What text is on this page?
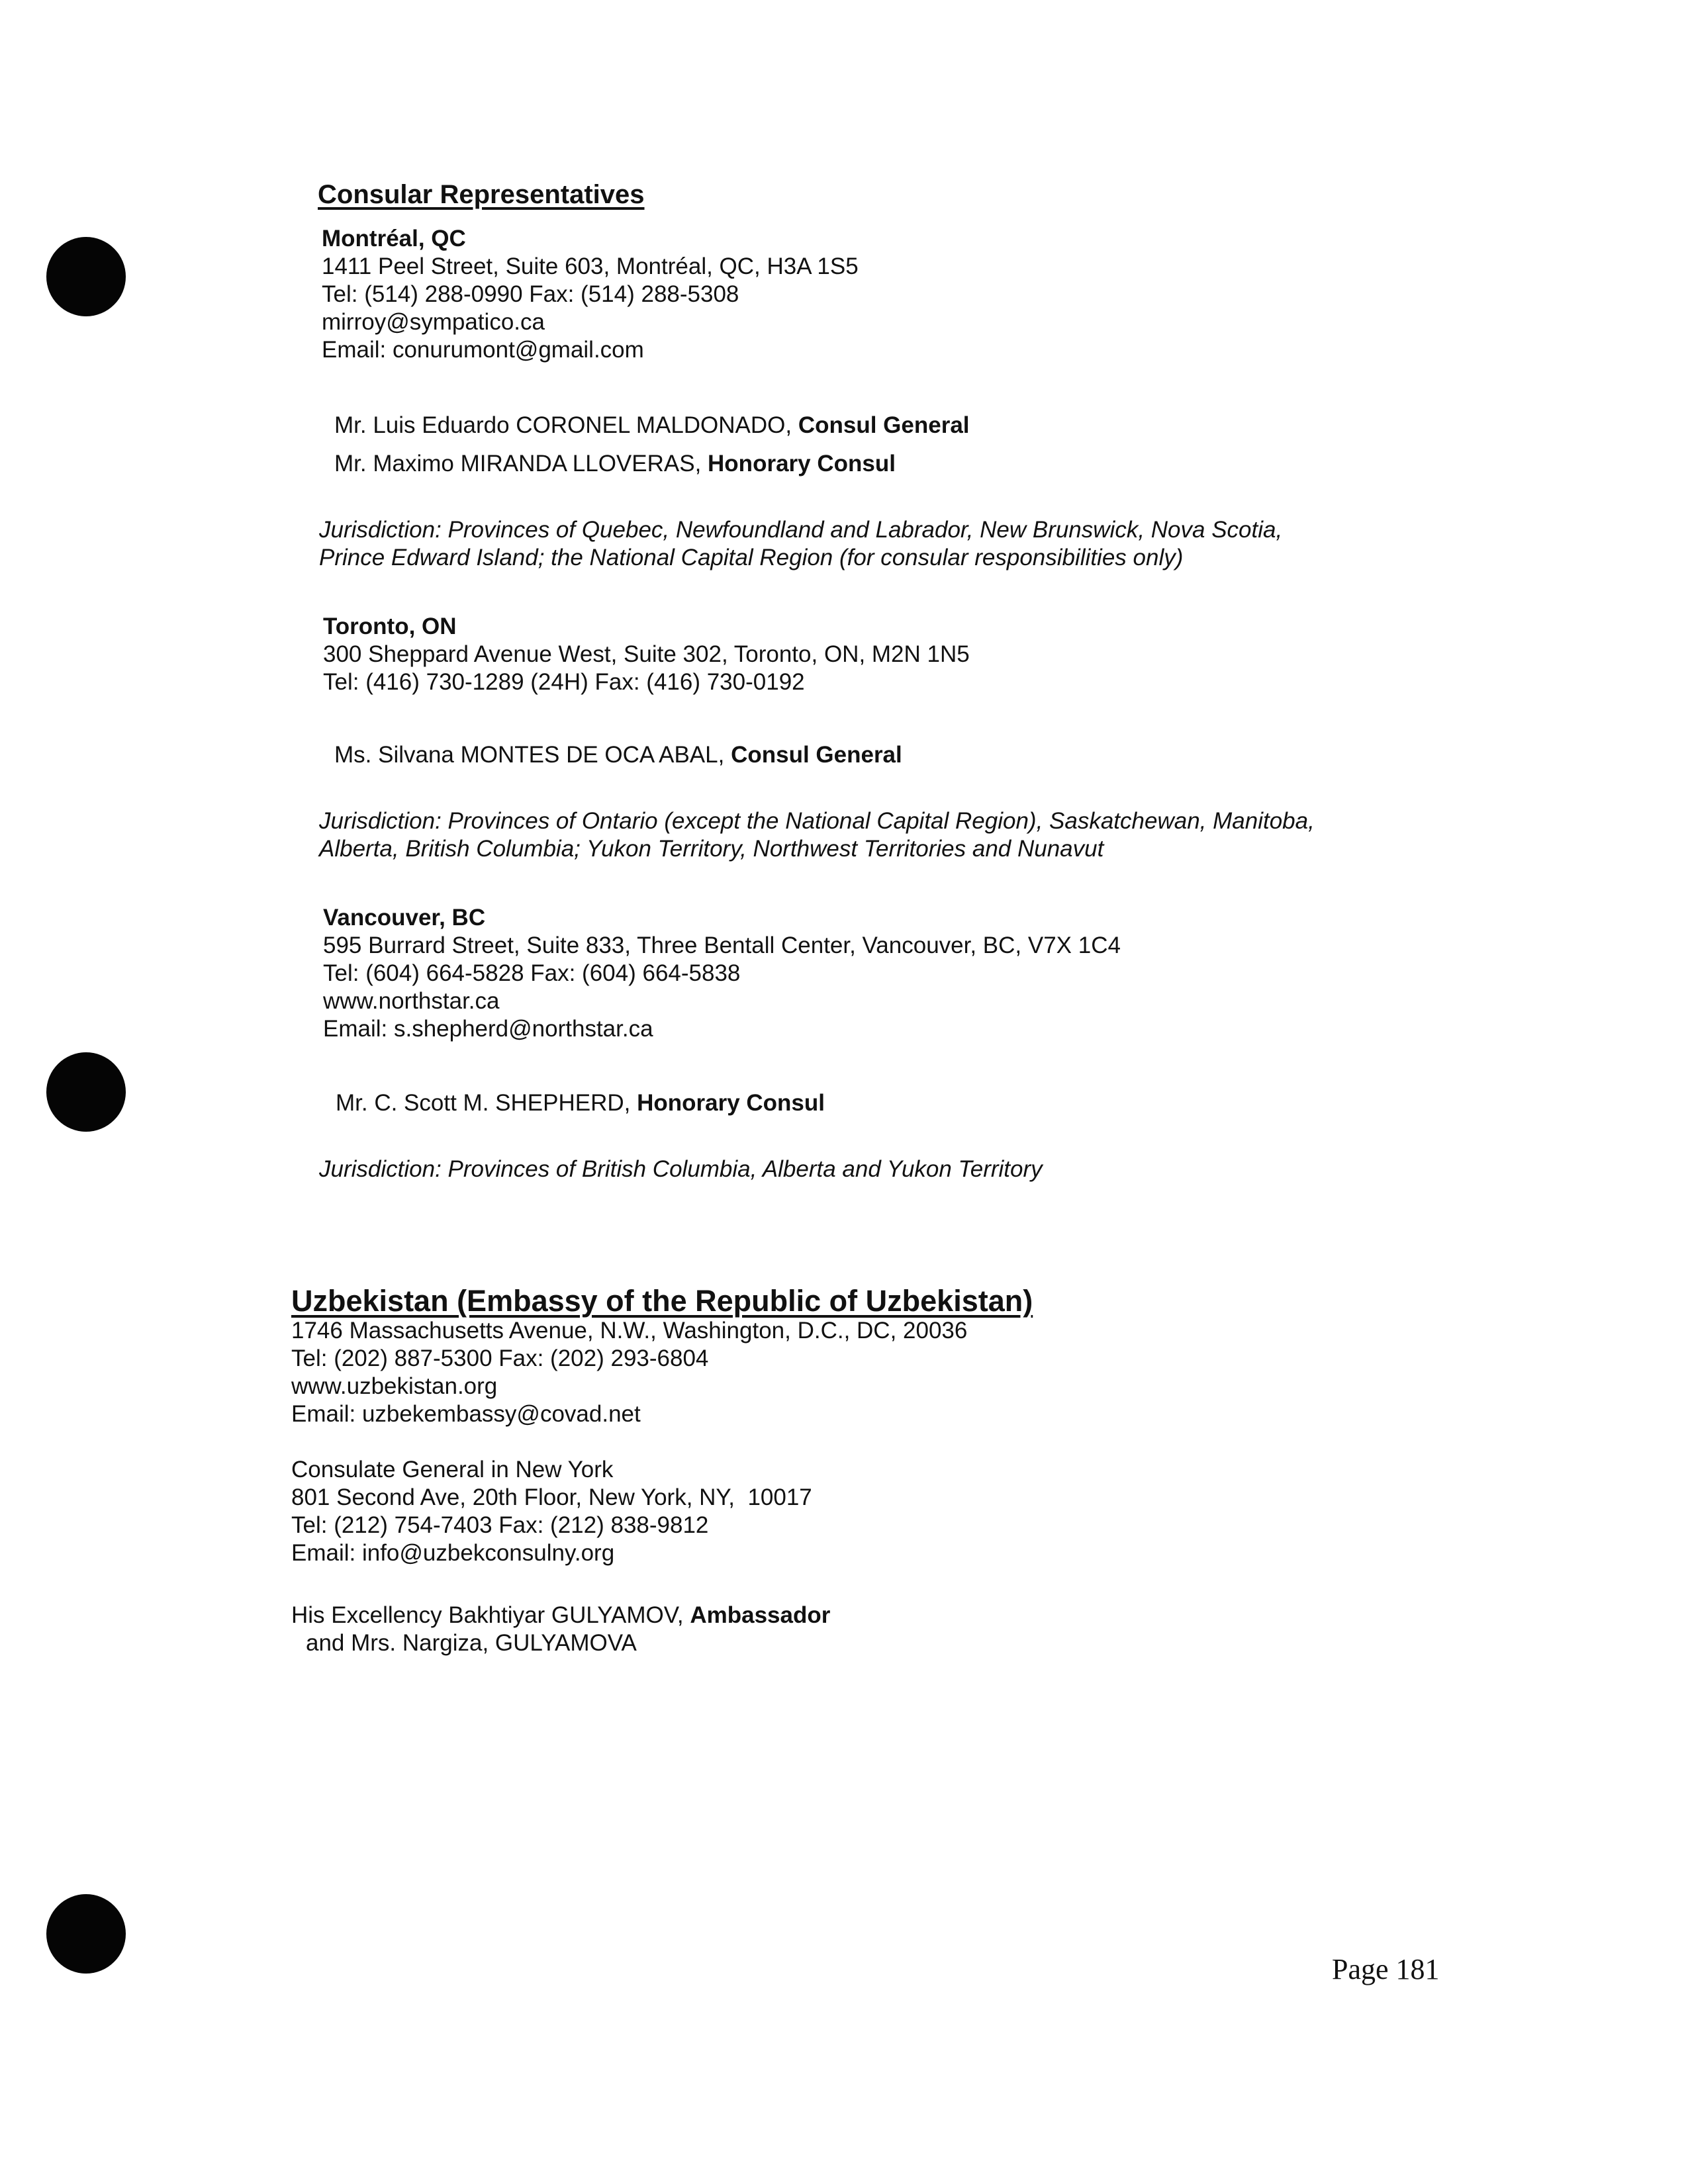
Consular Representatives
Montréal, QC
1411 Peel Street, Suite 603, Montréal, QC, H3A 1S5
Tel: (514) 288-0990 Fax: (514) 288-5308
mirroy@sympatico.ca
Email: conurumont@gmail.com
Mr. Luis Eduardo CORONEL MALDONADO, Consul General
Mr. Maximo MIRANDA LLOVERAS, Honorary Consul
Jurisdiction: Provinces of Quebec, Newfoundland and Labrador, New Brunswick, Nova Scotia,
Prince Edward Island; the National Capital Region (for consular responsibilities only)
Toronto, ON
300 Sheppard Avenue West, Suite 302, Toronto, ON, M2N 1N5
Tel: (416) 730-1289 (24H) Fax: (416) 730-0192
Ms. Silvana MONTES DE OCA ABAL, Consul General
Jurisdiction: Provinces of Ontario (except the National Capital Region), Saskatchewan, Manitoba,
Alberta, British Columbia; Yukon Territory, Northwest Territories and Nunavut
Vancouver, BC
595 Burrard Street, Suite 833, Three Bentall Center, Vancouver, BC, V7X 1C4
Tel: (604) 664-5828 Fax: (604) 664-5838
www.northstar.ca
Email: s.shepherd@northstar.ca
Mr. C. Scott M. SHEPHERD, Honorary Consul
Jurisdiction: Provinces of British Columbia, Alberta and Yukon Territory
Uzbekistan (Embassy of the Republic of Uzbekistan)
1746 Massachusetts Avenue, N.W., Washington, D.C., DC, 20036
Tel: (202) 887-5300 Fax: (202) 293-6804
www.uzbekistan.org
Email: uzbekembassy@covad.net
Consulate General in New York
801 Second Ave, 20th Floor, New York, NY,  10017
Tel: (212) 754-7403 Fax: (212) 838-9812
Email: info@uzbekconsulny.org
His Excellency Bakhtiyar GULYAMOV, Ambassador
and Mrs. Nargiza, GULYAMOVA
Page 181
